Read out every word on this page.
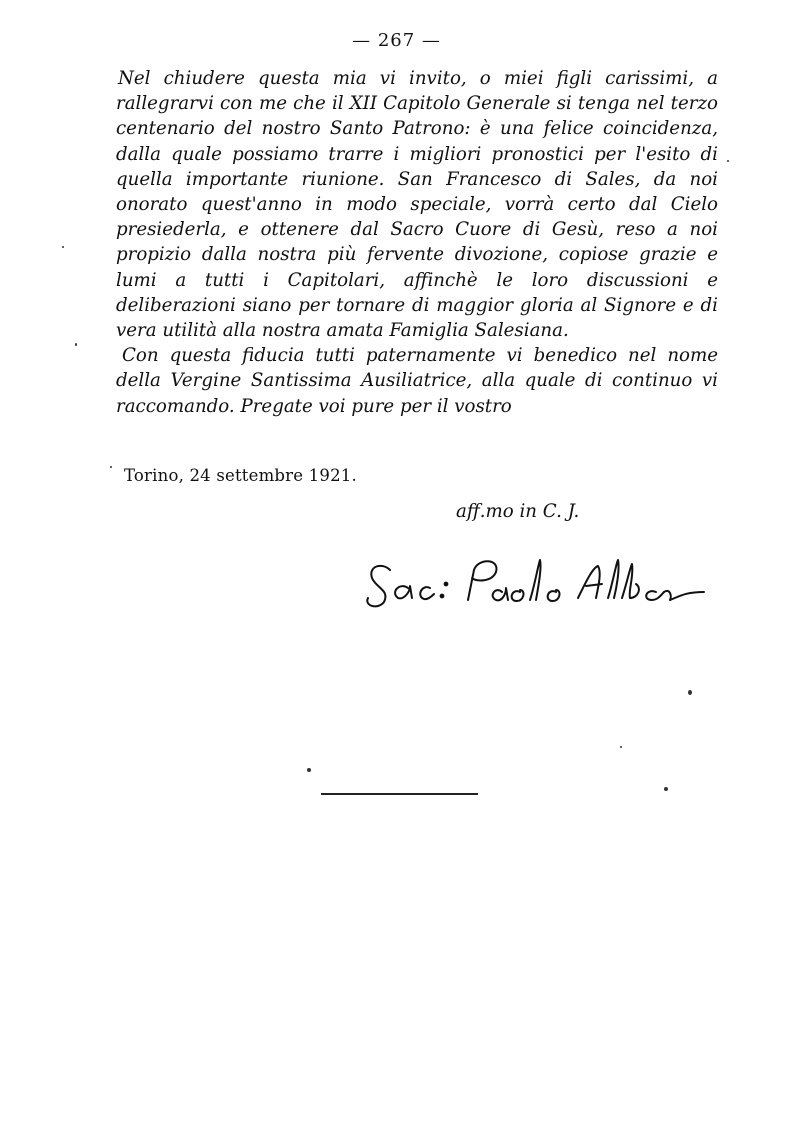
— 267 —

Nel chiudere questa mia vi invito, o miei figli carissimi, a rallegrarvi con me che il XII Capitolo Generale si tenga nel terzo centenario del nostro Santo Patrono: è una felice coincidenza, dalla quale possiamo trarre i migliori pronostici per l'esito di quella importante riunione. San Francesco di Sales, da noi onorato quest'anno in modo speciale, vorrà certo dal Cielo presiederla, e ottenere dal Sacro Cuore di Gesù, reso a noi propizio dalla nostra più fervente divozione, copiose grazie e lumi a tutti i Capitolari, affinchè le loro discussioni e deliberazioni siano per tornare di maggior gloria al Signore e di vera utilità alla nostra amata Famiglia Salesiana.

Con questa fiducia tutti paternamente vi benedico nel nome della Vergine Santissima Ausiliatrice, alla quale di continuo vi raccomando. Pregate voi pure per il vostro

Torino, 24 settembre 1921.
aff.mo in C. J.
